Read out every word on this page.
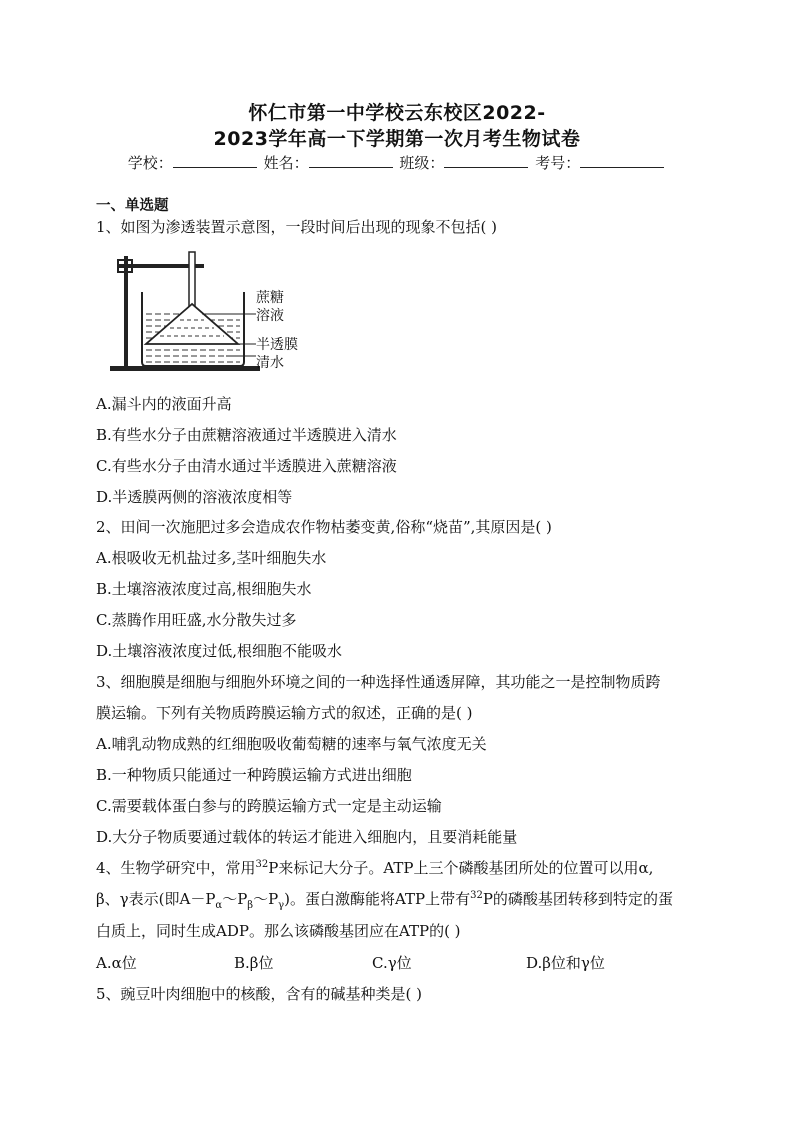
怀仁市第一中学校云东校区2022-
2023学年高一下学期第一次月考生物试卷
学校：	姓名：	班级：	考号：
一、单选题
1、如图为渗透装置示意图，一段时间后出现的现象不包括( )
蔗糖
溶液
半透膜
清水
A.漏斗内的液面升高
B.有些水分子由蔗糖溶液通过半透膜进入清水
C.有些水分子由清水通过半透膜进入蔗糖溶液
D.半透膜两侧的溶液浓度相等
2、田间一次施肥过多会造成农作物枯萎变黄,俗称“烧苗”,其原因是( )
A.根吸收无机盐过多,茎叶细胞失水
B.土壤溶液浓度过高,根细胞失水
C.蒸腾作用旺盛,水分散失过多
D.土壤溶液浓度过低,根细胞不能吸水
3、细胞膜是细胞与细胞外环境之间的一种选择性通透屏障，其功能之一是控制物质跨
膜运输。下列有关物质跨膜运输方式的叙述，正确的是( )
A.哺乳动物成熟的红细胞吸收葡萄糖的速率与氧气浓度无关
B.一种物质只能通过一种跨膜运输方式进出细胞
C.需要载体蛋白参与的跨膜运输方式一定是主动运输
D.大分子物质要通过载体的转运才能进入细胞内，且要消耗能量
4、生物学研究中，常用$^{32}$P来标记大分子。ATP上三个磷酸基团所处的位置可以用α,
β、γ表示(即$A-P_\alpha\sim P_\beta\sim P_\gamma$)。蛋白激酶能将ATP上带有$^{32}$P的磷酸基团转移到特定的蛋
白质上，同时生成ADP。那么该磷酸基团应在ATP的( )
A.α位	B.β位	C.γ位	D.β位和γ位
5、豌豆叶肉细胞中的核酸，含有的碱基种类是( )
